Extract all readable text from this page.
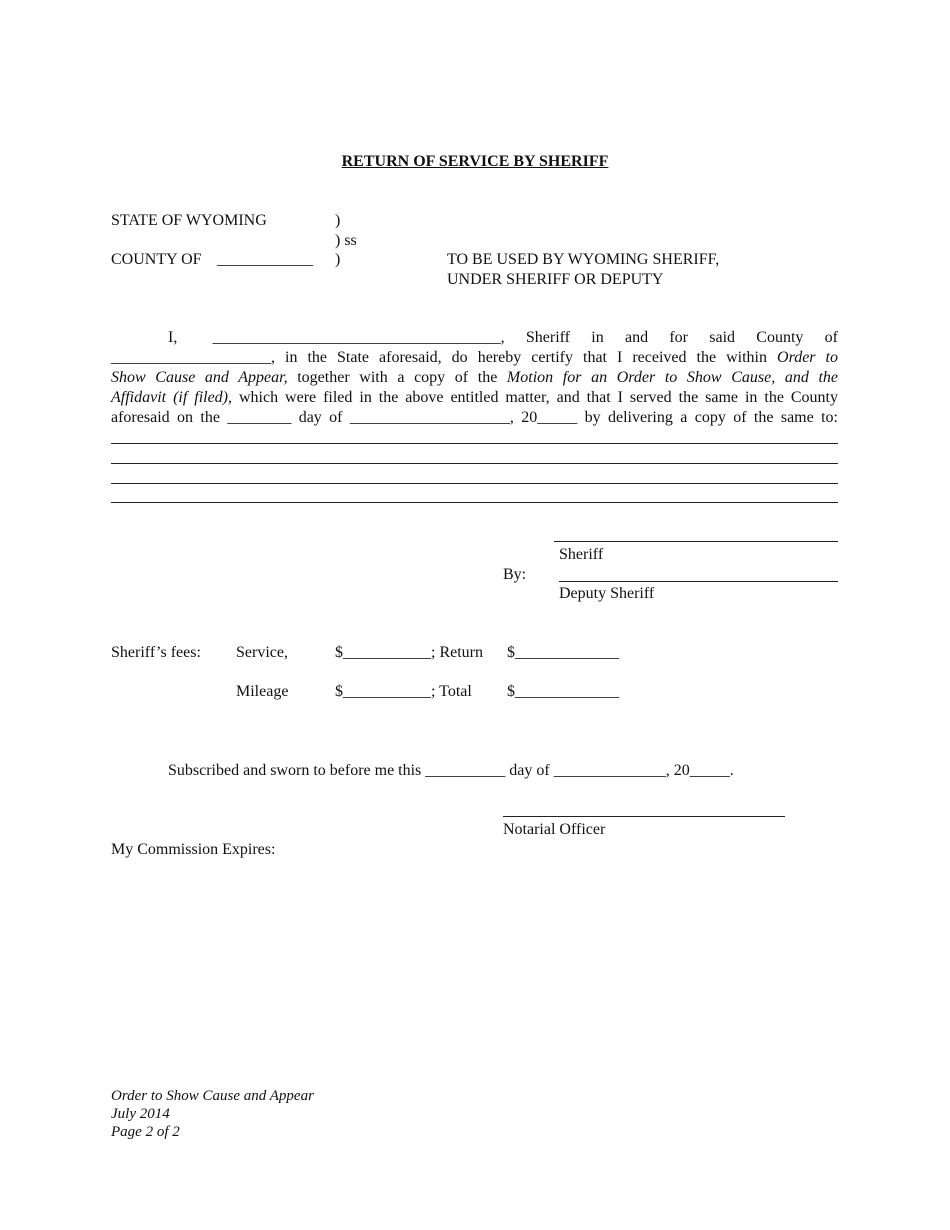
RETURN OF SERVICE BY SHERIFF
STATE OF WYOMING	)
) ss
COUNTY OF ____________ )	TO BE USED BY WYOMING SHERIFF,
UNDER SHERIFF OR DEPUTY
I, ____________________________________, Sheriff in and for said County of
____________________, in the State aforesaid, do hereby certify that I received the within Order to
Show Cause and Appear, together with a copy of the Motion for an Order to Show Cause, and the
Affidavit (if filed), which were filed in the above entitled matter, and that I served the same in the County
aforesaid on the ________ day of ____________________, 20_____ by delivering a copy of the same to:
Sheriff
By:
Deputy Sheriff
Sheriff’s fees: Service,	$___________; Return $_____________
Mileage	$___________; Total $_____________
Subscribed and sworn to before me this __________ day of ______________, 20_____.
Notarial Officer
My Commission Expires:
Order to Show Cause and Appear
July 2014
Page 2 of 2
